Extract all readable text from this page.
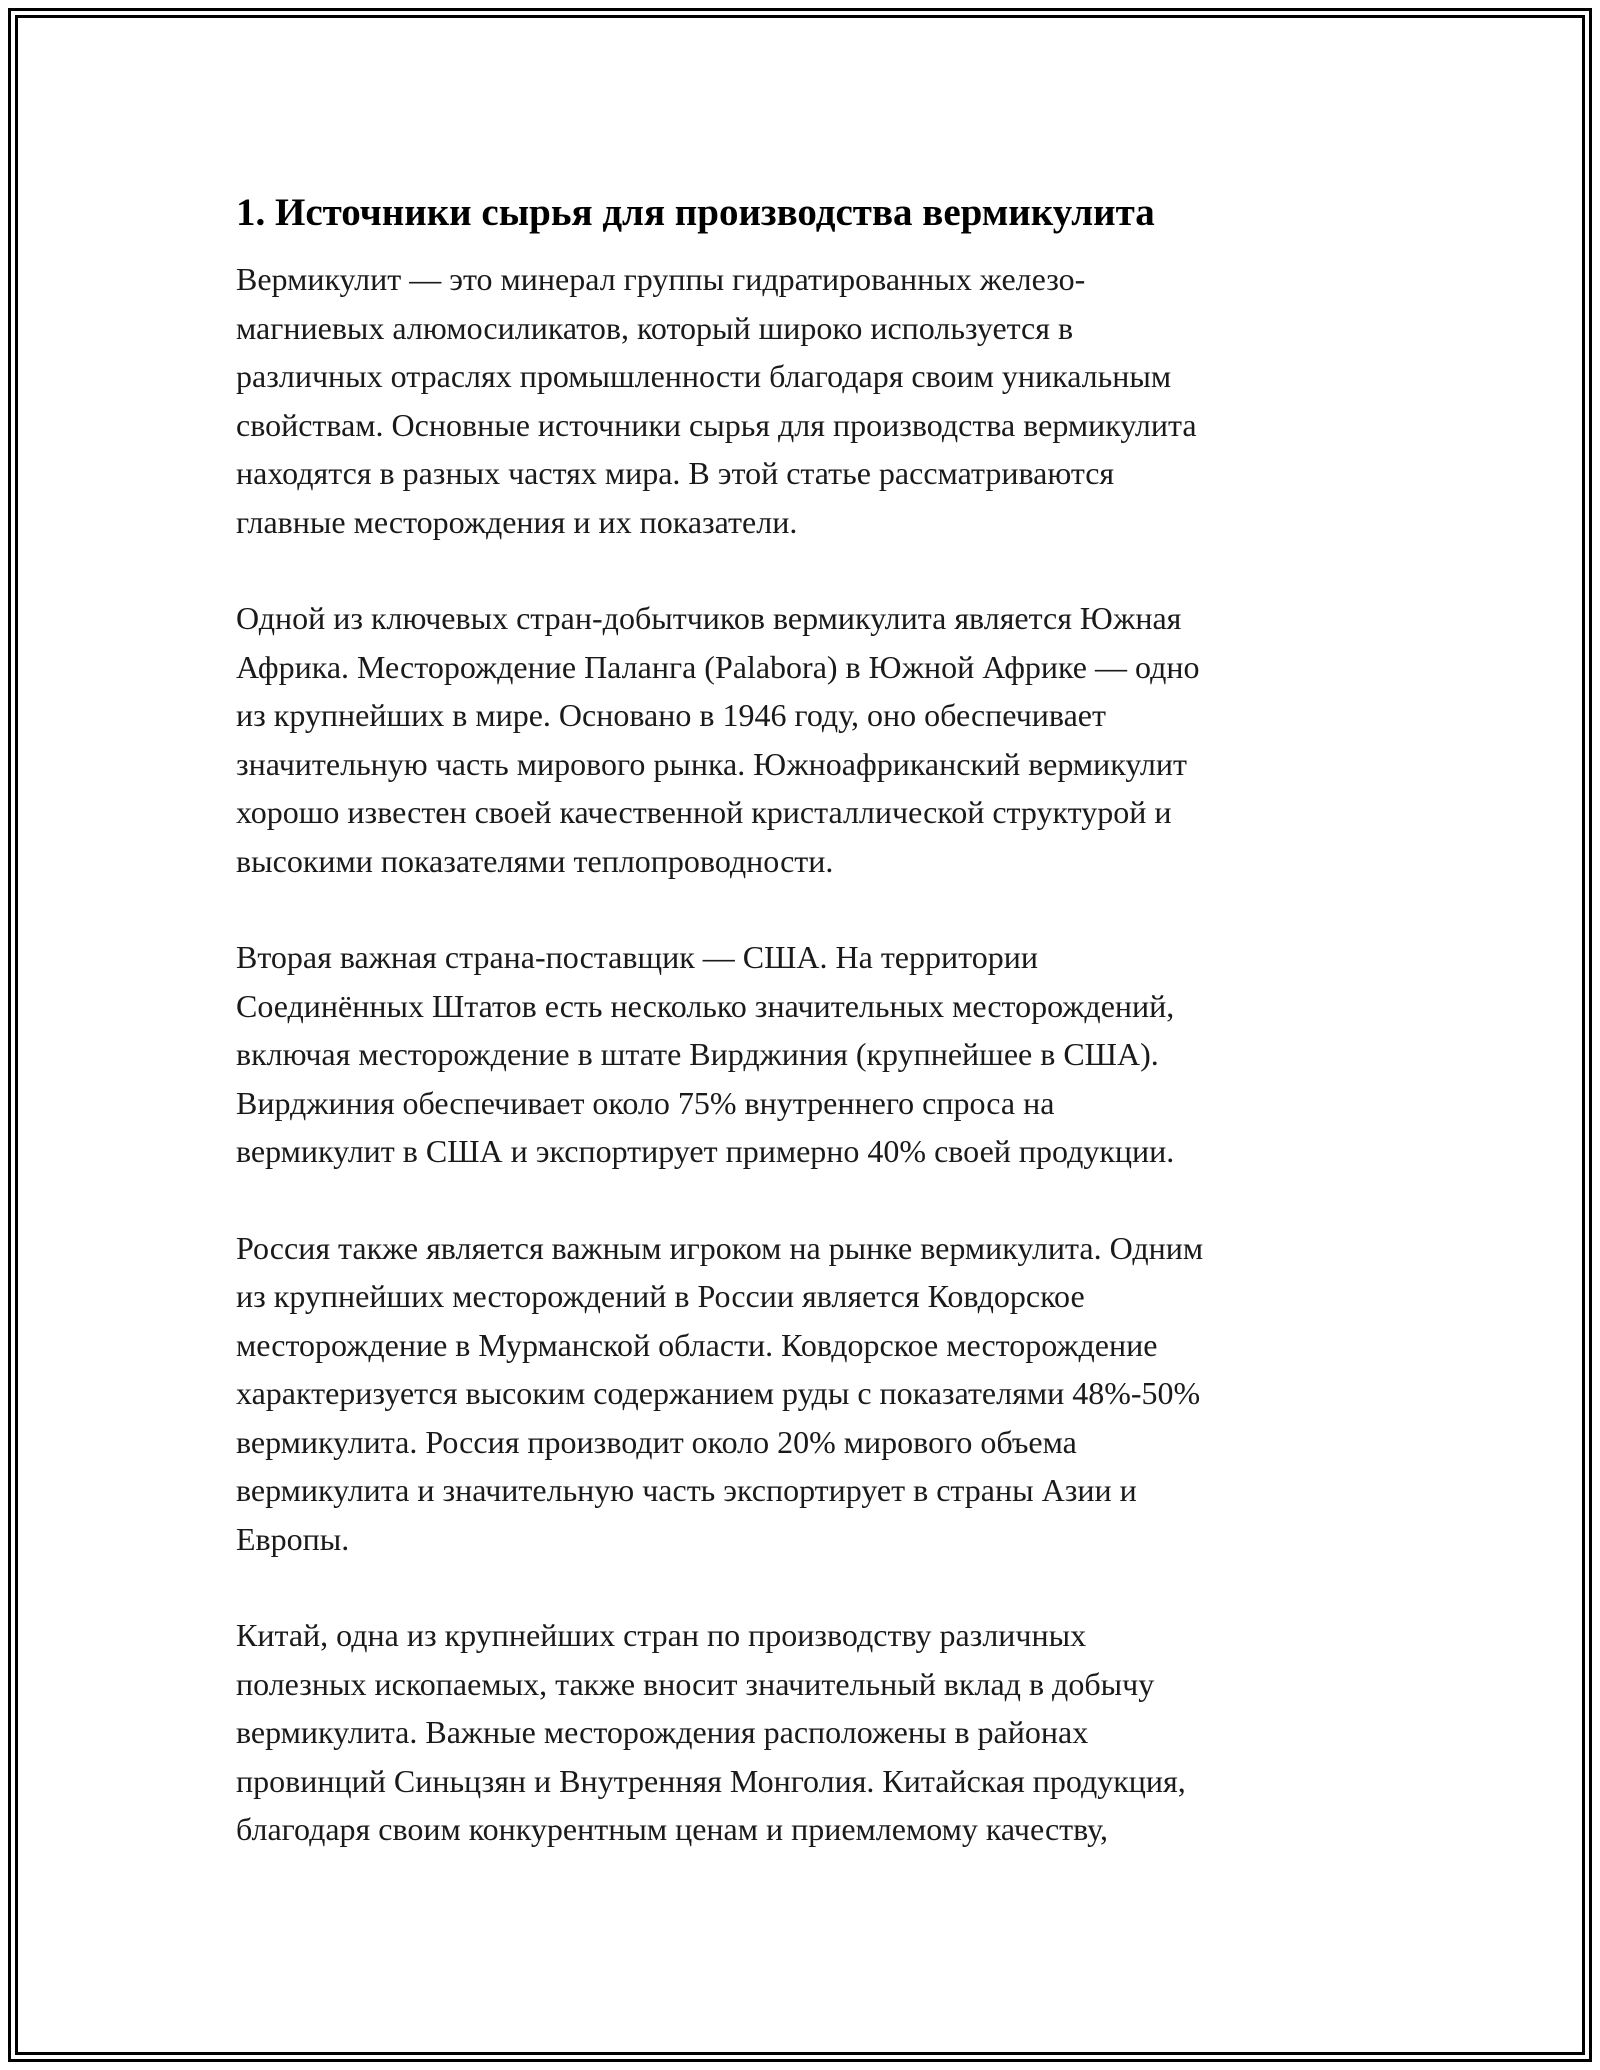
1. Источники сырья для производства вермикулита
Вермикулит — это минерал группы гидратированных железо-
магниевых алюмосиликатов, который широко используется в
различных отраслях промышленности благодаря своим уникальным
свойствам. Основные источники сырья для производства вермикулита
находятся в разных частях мира. В этой статье рассматриваются
главные месторождения и их показатели.
Одной из ключевых стран-добытчиков вермикулита является Южная
Африка. Месторождение Паланга (Palabora) в Южной Африке — одно
из крупнейших в мире. Основано в 1946 году, оно обеспечивает
значительную часть мирового рынка. Южноафриканский вермикулит
хорошо известен своей качественной кристаллической структурой и
высокими показателями теплопроводности.
Вторая важная страна-поставщик — США. На территории
Соединённых Штатов есть несколько значительных месторождений,
включая месторождение в штате Вирджиния (крупнейшее в США).
Вирджиния обеспечивает около 75% внутреннего спроса на
вермикулит в США и экспортирует примерно 40% своей продукции.
Россия также является важным игроком на рынке вермикулита. Одним
из крупнейших месторождений в России является Ковдорское
месторождение в Мурманской области. Ковдорское месторождение
характеризуется высоким содержанием руды с показателями 48%-50%
вермикулита. Россия производит около 20% мирового объема
вермикулита и значительную часть экспортирует в страны Азии и
Европы.
Китай, одна из крупнейших стран по производству различных
полезных ископаемых, также вносит значительный вклад в добычу
вермикулита. Важные месторождения расположены в районах
провинций Синьцзян и Внутренняя Монголия. Китайская продукция,
благодаря своим конкурентным ценам и приемлемому качеству,
